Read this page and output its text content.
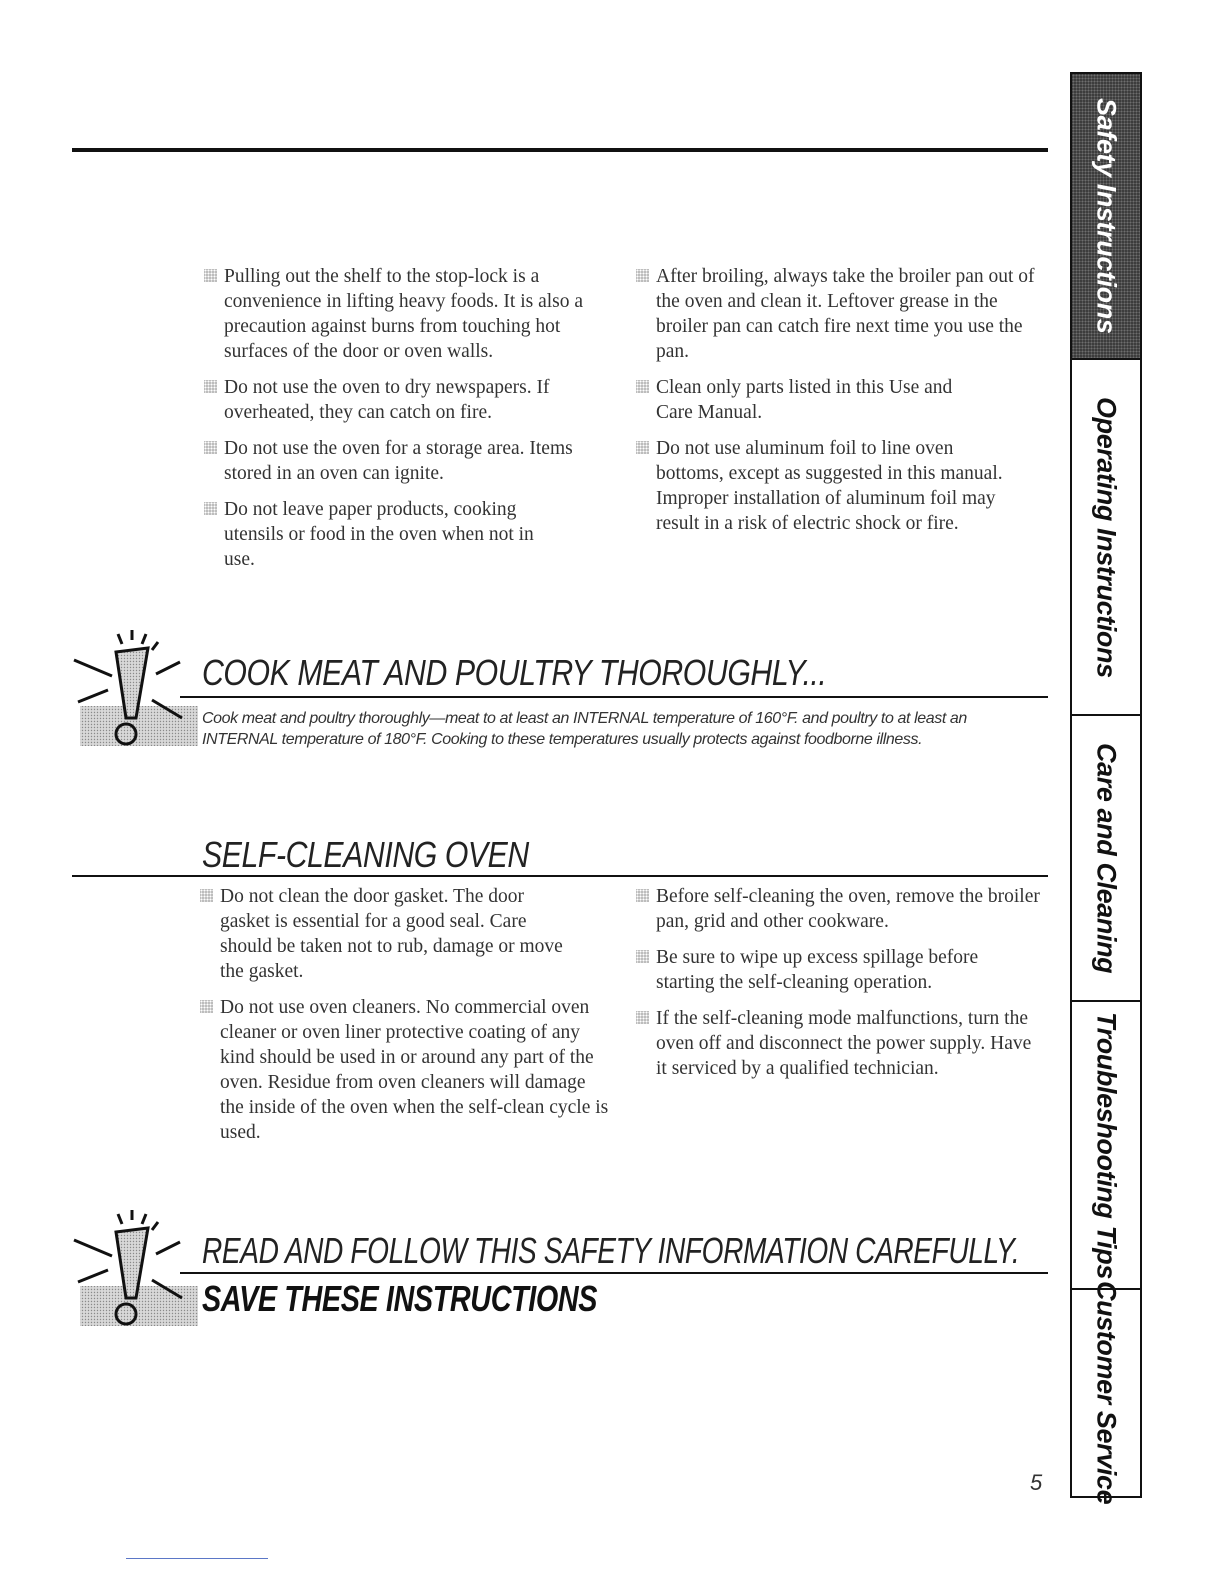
Pulling out the shelf to the stop-lock is a convenience in lifting heavy foods. It is also a precaution against burns from touching hot surfaces of the door or oven walls.

Do not use the oven to dry newspapers. If overheated, they can catch on fire.

Do not use the oven for a storage area. Items stored in an oven can ignite.

Do not leave paper products, cooking utensils or food in the oven when not in use.

After broiling, always take the broiler pan out of the oven and clean it. Leftover grease in the broiler pan can catch fire next time you use the pan.

Clean only parts listed in this Use and Care Manual.

Do not use aluminum foil to line oven bottoms, except as suggested in this manual. Improper installation of aluminum foil may result in a risk of electric shock or fire.

COOK MEAT AND POULTRY THOROUGHLY...
Cook meat and poultry thoroughly—meat to at least an INTERNAL temperature of 160°F. and poultry to at least an INTERNAL temperature of 180°F. Cooking to these temperatures usually protects against foodborne illness.
SELF-CLEANING OVEN

Do not clean the door gasket. The door gasket is essential for a good seal. Care should be taken not to rub, damage or move the gasket.

Do not use oven cleaners. No commercial oven cleaner or oven liner protective coating of any kind should be used in or around any part of the oven. Residue from oven cleaners will damage the inside of the oven when the self-clean cycle is used.

Before self-cleaning the oven, remove the broiler pan, grid and other cookware.

Be sure to wipe up excess spillage before starting the self-cleaning operation.

If the self-cleaning mode malfunctions, turn the oven off and disconnect the power supply. Have it serviced by a qualified technician.

READ AND FOLLOW THIS SAFETY INFORMATION CAREFULLY.
SAVE THESE INSTRUCTIONS
Safety Instructions
Operating Instructions
Care and Cleaning
Troubleshooting Tips
Customer Service
5
